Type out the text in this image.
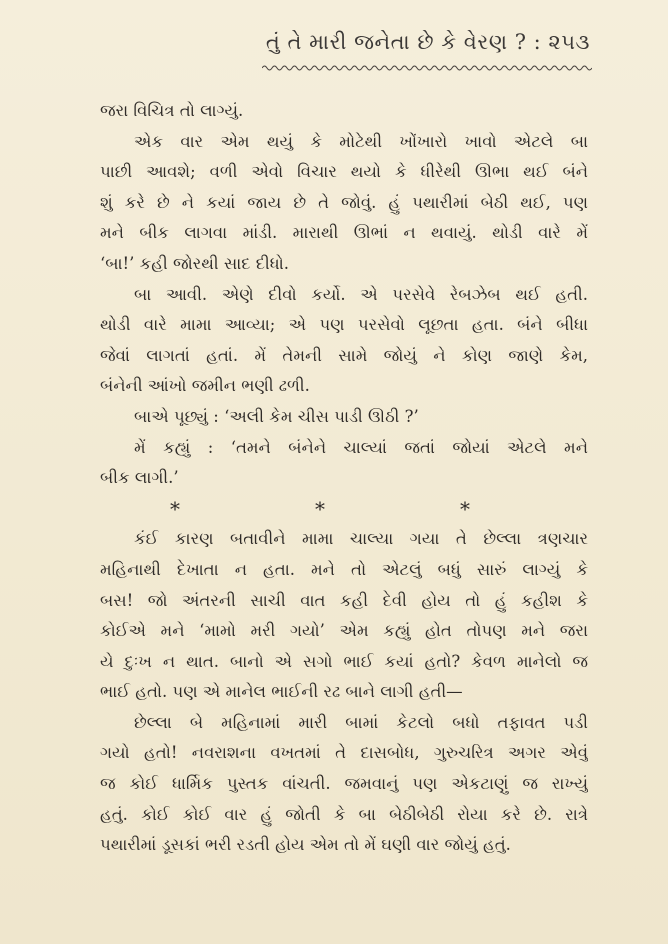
તું તે મારી જનેતા છે કે વેરણ ? : ૨૫૩
જરા વિચિત્ર તો લાગ્યું.
એક વાર એમ થયું કે મોટેથી ખોંખારો ખાવો એટલે બા
પાછી આવશે; વળી એવો વિચાર થયો કે ધીરેથી ઊભા થઈ બંને
શું કરે છે ને કયાં જાય છે તે જોવું. હું પથારીમાં બેઠી થઈ, પણ
મને બીક લાગવા માંડી. મારાથી ઊભાં ન થવાયું. થોડી વારે મેં
‘બા!’ કહી જોરથી સાદ દીધો.
બા આવી. એણે દીવો કર્યો. એ પરસેવે રેબઝેબ થઈ હતી.
થોડી વારે મામા આવ્યા; એ પણ પરસેવો લૂછતા હતા. બંને બીધા
જેવાં લાગતાં હતાં. મેં તેમની સામે જોયું ને કોણ જાણે કેમ,
બંનેની આંખો જમીન ભણી ઢળી.
બાએ પૂછ્યું : ‘અલી કેમ ચીસ પાડી ઊઠી ?’
મેં કહ્યું : ‘તમને બંનેને ચાલ્યાં જતાં જોયાં એટલે મને
બીક લાગી.’
*	*	*
કંઈ કારણ બતાવીને મામા ચાલ્યા ગયા તે છેલ્લા ત્રણચાર
મહિનાથી દેખાતા ન હતા. મને તો એટલું બધું સારું લાગ્યું કે
બસ! જો અંતરની સાચી વાત કહી દેવી હોય તો હું કહીશ કે
કોઈએ મને ‘મામો મરી ગયો’ એમ કહ્યું હોત તોપણ મને જરા
યે દુઃખ ન થાત. બાનો એ સગો ભાઈ કયાં હતો? કેવળ માનેલો જ
ભાઈ હતો. પણ એ માનેલ ભાઈની રઢ બાને લાગી હતી—
છેલ્લા બે મહિનામાં મારી બામાં કેટલો બધો તફાવત પડી
ગયો હતો! નવરાશના વખતમાં તે દાસબોધ, ગુરુચરિત્ર અગર એવું
જ કોઈ ધાર્મિક પુસ્તક વાંચતી. જમવાનું પણ એકટાણું જ રાખ્યું
હતું. કોઈ કોઈ વાર હું જોતી કે બા બેઠીબેઠી રોયા કરે છે. રાત્રે
પથારીમાં ડૂસકાં ભરી રડતી હોય એમ તો મેં ઘણી વાર જોયું હતું.
